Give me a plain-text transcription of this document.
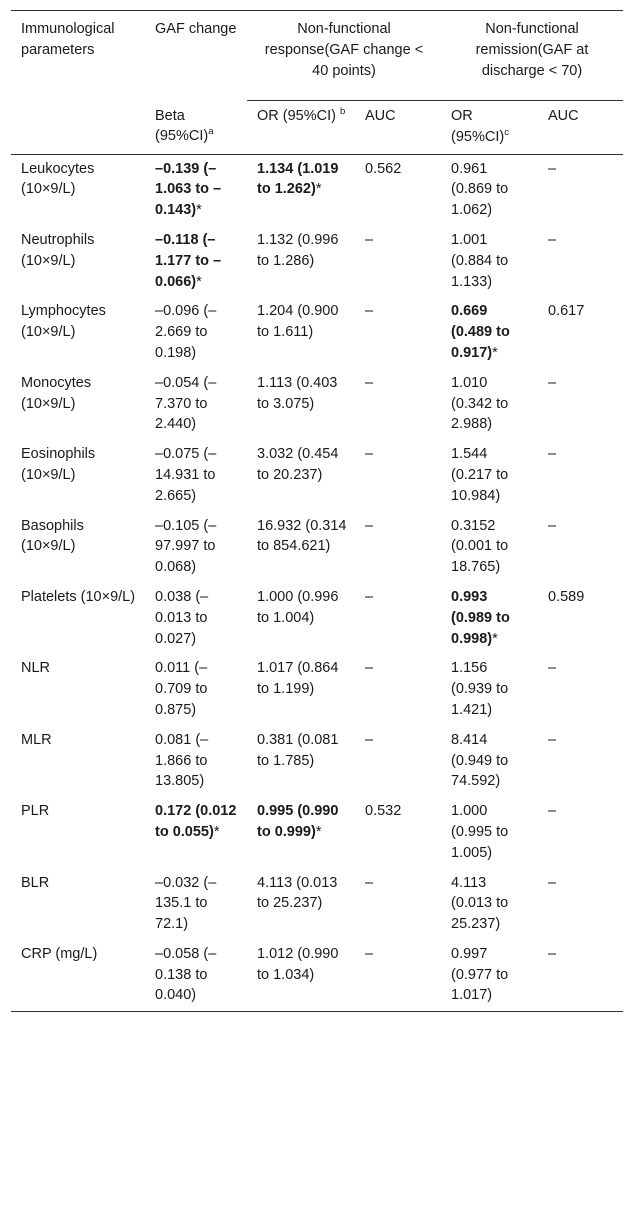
Immunological parameters	GAF change	Non-functional response(GAF change < 40 points)		Non-functional remission(GAF at discharge < 70)	
	Beta $(95\%CI)^a$	OR (95%CI) $^b$	AUC	OR $(95\%CI)^c$	AUC
Leukocytes (10×9/L)	–0.139 (–1.063 to –0.143)*	1.134 (1.019 to 1.262)*	0.562	0.961 (0.869 to 1.062)	–
Neutrophils (10×9/L)	–0.118 (–1.177 to –0.066)*	1.132 (0.996 to 1.286)	–	1.001 (0.884 to 1.133)	–
Lymphocytes (10×9/L)	–0.096 (–2.669 to 0.198)	1.204 (0.900 to 1.611)	–	0.669 (0.489 to 0.917)*	0.617
Monocytes (10×9/L)	–0.054 (–7.370 to 2.440)	1.113 (0.403 to 3.075)	–	1.010 (0.342 to 2.988)	–
Eosinophils (10×9/L)	–0.075 (–14.931 to 2.665)	3.032 (0.454 to 20.237)	–	1.544 (0.217 to 10.984)	–
Basophils (10×9/L)	–0.105 (–97.997 to 0.068)	16.932 (0.314 to 854.621)	–	0.3152 (0.001 to 18.765)	–
Platelets (10×9/L)	0.038 (–0.013 to 0.027)	1.000 (0.996 to 1.004)	–	0.993 (0.989 to 0.998)*	0.589
NLR	0.011 (–0.709 to 0.875)	1.017 (0.864 to 1.199)	–	1.156 (0.939 to 1.421)	–
MLR	0.081 (–1.866 to 13.805)	0.381 (0.081 to 1.785)	–	8.414 (0.949 to 74.592)	–
PLR	0.172 (0.012 to 0.055)*	0.995 (0.990 to 0.999)*	0.532	1.000 (0.995 to 1.005)	–
BLR	–0.032 (–135.1 to 72.1)	4.113 (0.013 to 25.237)	–	4.113 (0.013 to 25.237)	–
CRP (mg/L)	–0.058 (–0.138 to 0.040)	1.012 (0.990 to 1.034)	–	0.997 (0.977 to 1.017)	–
